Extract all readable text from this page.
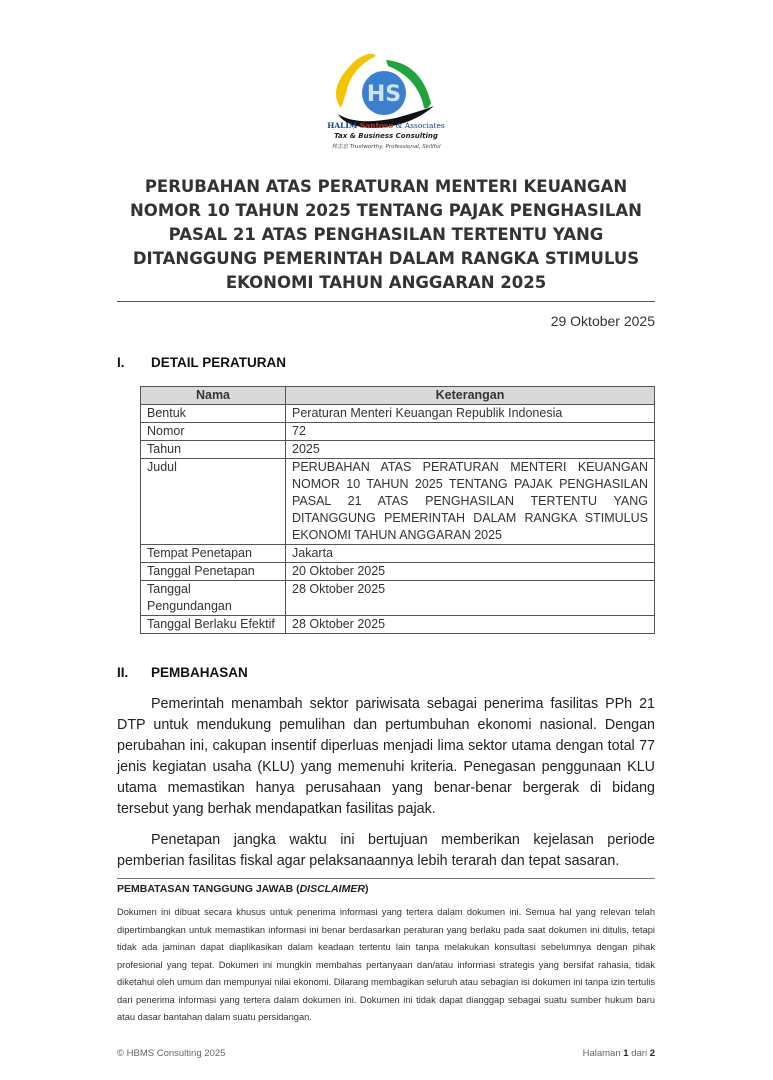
HS
HALIM Santoso & Associates
Tax & Business Consulting
林志忠 Trustworthy, Professional, Skillful
PERUBAHAN ATAS PERATURAN MENTERI KEUANGAN NOMOR 10 TAHUN 2025 TENTANG PAJAK PENGHASILAN PASAL 21 ATAS PENGHASILAN TERTENTU YANG DITANGGUNG PEMERINTAH DALAM RANGKA STIMULUS EKONOMI TAHUN ANGGARAN 2025
29 Oktober 2025
I. DETAIL PERATURAN
Nama	Keterangan
Bentuk	Peraturan Menteri Keuangan Republik Indonesia
Nomor	72
Tahun	2025
Judul	PERUBAHAN ATAS PERATURAN MENTERI KEUANGAN NOMOR 10 TAHUN 2025 TENTANG PAJAK PENGHASILAN PASAL 21 ATAS PENGHASILAN TERTENTU YANG DITANGGUNG PEMERINTAH DALAM RANGKA STIMULUS EKONOMI TAHUN ANGGARAN 2025
Tempat Penetapan	Jakarta
Tanggal Penetapan	20 Oktober 2025
Tanggal Pengundangan	28 Oktober 2025
Tanggal Berlaku Efektif	28 Oktober 2025
II. PEMBAHASAN
Pemerintah menambah sektor pariwisata sebagai penerima fasilitas PPh 21 DTP untuk mendukung pemulihan dan pertumbuhan ekonomi nasional. Dengan perubahan ini, cakupan insentif diperluas menjadi lima sektor utama dengan total 77 jenis kegiatan usaha (KLU) yang memenuhi kriteria. Penegasan penggunaan KLU utama memastikan hanya perusahaan yang benar-benar bergerak di bidang tersebut yang berhak mendapatkan fasilitas pajak.
Penetapan jangka waktu ini bertujuan memberikan kejelasan periode pemberian fasilitas fiskal agar pelaksanaannya lebih terarah dan tepat sasaran.
PEMBATASAN TANGGUNG JAWAB (DISCLAIMER)
Dokumen ini dibuat secara khusus untuk penerima informasi yang tertera dalam dokumen ini. Semua hal yang relevan telah dipertimbangkan untuk memastikan informasi ini benar berdasarkan peraturan yang berlaku pada saat dokumen ini ditulis, tetapi tidak ada jaminan dapat diaplikasikan dalam keadaan tertentu lain tanpa melakukan konsultasi sebelumnya dengan pihak profesional yang tepat. Dokumen ini mungkin membahas pertanyaan dan/atau informasi strategis yang bersifat rahasia, tidak diketahui oleh umum dan mempunyai nilai ekonomi. Dilarang membagikan seluruh atau sebagian isi dokumen ini tanpa izin tertulis dari penerima informasi yang tertera dalam dokumen ini. Dokumen ini tidak dapat dianggap sebagai suatu sumber hukum baru atau dasar bantahan dalam suatu persidangan.
© HBMS Consulting 2025	Halaman 1 dari 2
